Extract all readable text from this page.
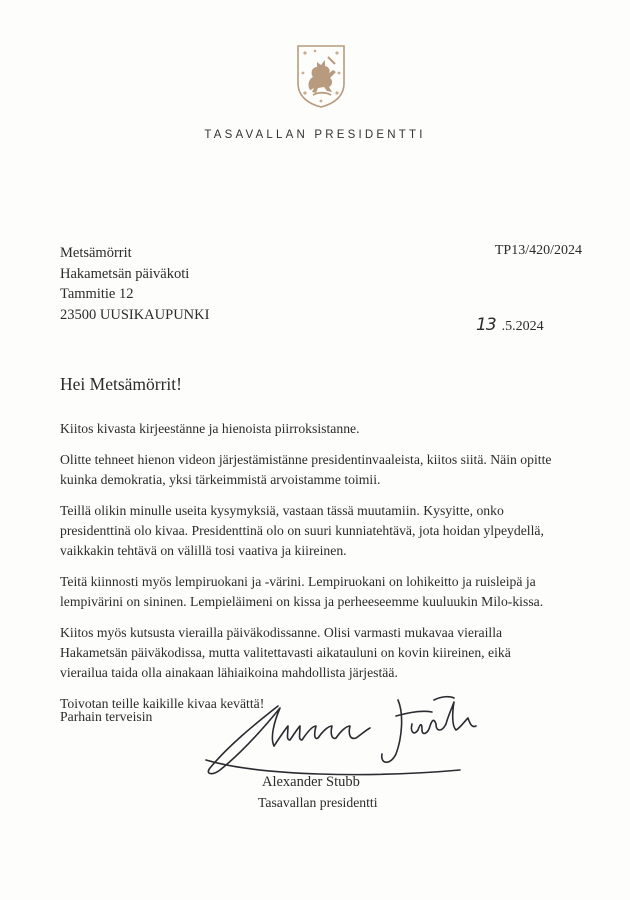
TASAVALLAN PRESIDENTTI
Metsämörrit
Hakametsän päiväkoti
Tammitie 12
23500 UUSIKAUPUNKI
TP13/420/2024
13 .5.2024
Hei Metsämörrit!

Kiitos kivasta kirjeestänne ja hienoista piirroksistanne.

Olitte tehneet hienon videon järjestämistänne presidentinvaaleista, kiitos siitä. Näin opitte
kuinka demokratia, yksi tärkeimmistä arvoistamme toimii.

Teillä olikin minulle useita kysymyksiä, vastaan tässä muutamiin. Kysyitte, onko
presidenttinä olo kivaa. Presidenttinä olo on suuri kunniatehtävä, jota hoidan ylpeydellä,
vaikkakin tehtävä on välillä tosi vaativa ja kiireinen.

Teitä kiinnosti myös lempiruokani ja -värini. Lempiruokani on lohikeitto ja ruisleipä ja
lempivärini on sininen. Lempieläimeni on kissa ja perheeseemme kuuluukin Milo-kissa.

Kiitos myös kutsusta vierailla päiväkodissanne. Olisi varmasti mukavaa vierailla
Hakametsän päiväkodissa, mutta valitettavasti aikatauluni on kovin kiireinen, eikä
vierailua taida olla ainakaan lähiaikoina mahdollista järjestää.

Toivotan teille kaikille kivaa kevättä!

Parhain terveisin
Alexander Stubb
Tasavallan presidentti
